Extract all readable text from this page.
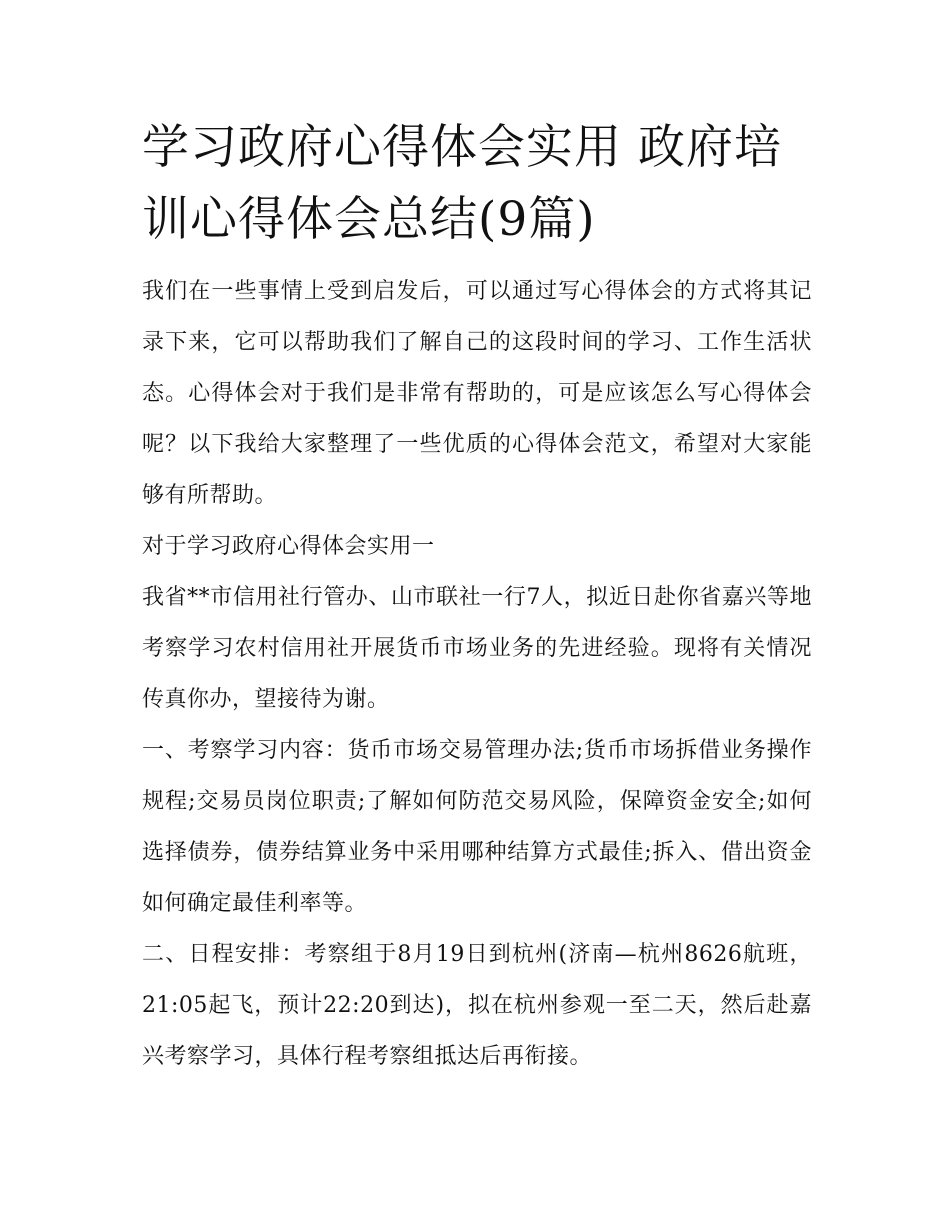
学习政府心得体会实用 政府培训心得体会总结(9篇)

我们在一些事情上受到启发后，可以通过写心得体会的方式将其记录下来，它可以帮助我们了解自己的这段时间的学习、工作生活状态。心得体会对于我们是非常有帮助的，可是应该怎么写心得体会呢？以下我给大家整理了一些优质的心得体会范文，希望对大家能够有所帮助。

对于学习政府心得体会实用一

我省**市信用社行管办、山市联社一行7人，拟近日赴你省嘉兴等地考察学习农村信用社开展货币市场业务的先进经验。现将有关情况传真你办，望接待为谢。

一、考察学习内容：货币市场交易管理办法;货币市场拆借业务操作规程;交易员岗位职责;了解如何防范交易风险，保障资金安全;如何选择债券，债券结算业务中采用哪种结算方式最佳;拆入、借出资金如何确定最佳利率等。

二、日程安排：考察组于8月19日到杭州(济南—杭州8626航班，21:05起飞，预计22:20到达)，拟在杭州参观一至二天，然后赴嘉兴考察学习，具体行程考察组抵达后再衔接。
